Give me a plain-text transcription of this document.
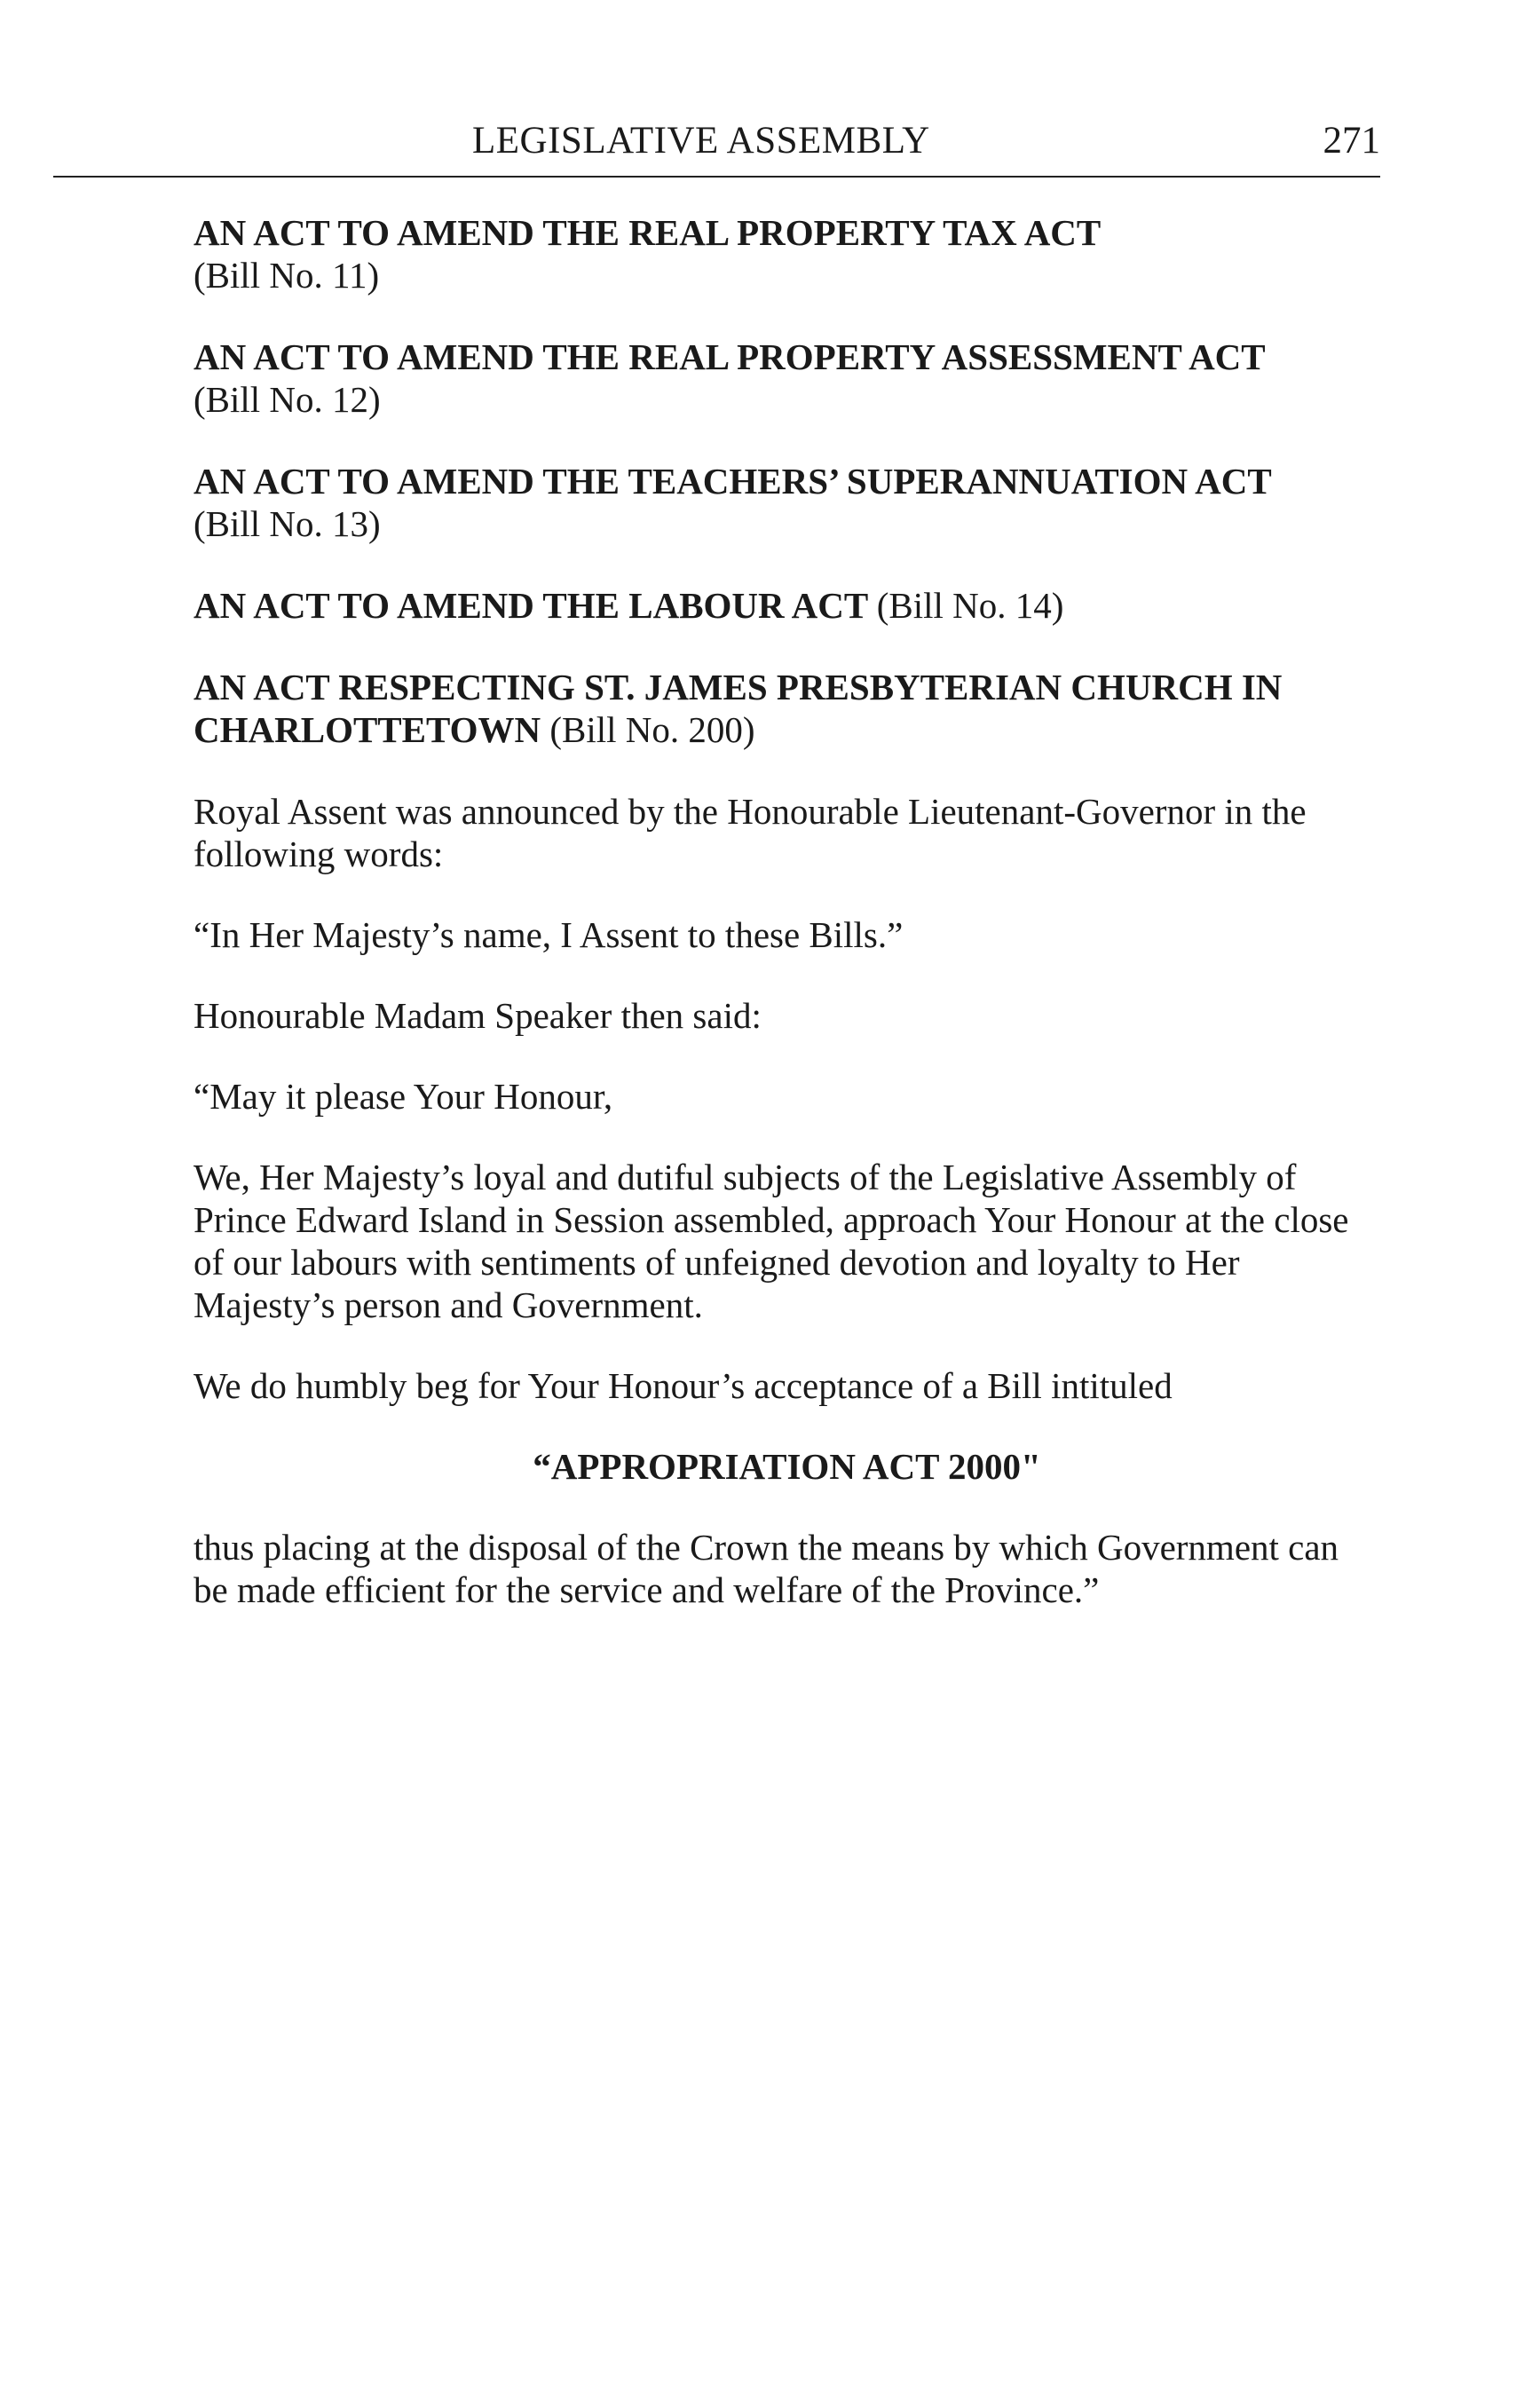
LEGISLATIVE ASSEMBLY	271
AN ACT TO AMEND THE REAL PROPERTY TAX ACT
(Bill No. 11)
AN ACT TO AMEND THE REAL PROPERTY ASSESSMENT ACT
(Bill No. 12)
AN ACT TO AMEND THE TEACHERS’ SUPERANNUATION ACT
(Bill No. 13)
AN ACT TO AMEND THE LABOUR ACT (Bill No. 14)
AN ACT RESPECTING ST. JAMES PRESBYTERIAN CHURCH IN CHARLOTTETOWN (Bill No. 200)

Royal Assent was announced by the Honourable Lieutenant-Governor in the following words:

“In Her Majesty’s name, I Assent to these Bills.”

Honourable Madam Speaker then said:

“May it please Your Honour,

We, Her Majesty’s loyal and dutiful subjects of the Legislative Assembly of Prince Edward Island in Session assembled, approach Your Honour at the close of our labours with sentiments of unfeigned devotion and loyalty to Her Majesty’s person and Government.

We do humbly beg for Your Honour’s acceptance of a Bill intituled

“APPROPRIATION ACT 2000"

thus placing at the disposal of the Crown the means by which Government can be made efficient for the service and welfare of the Province.”
